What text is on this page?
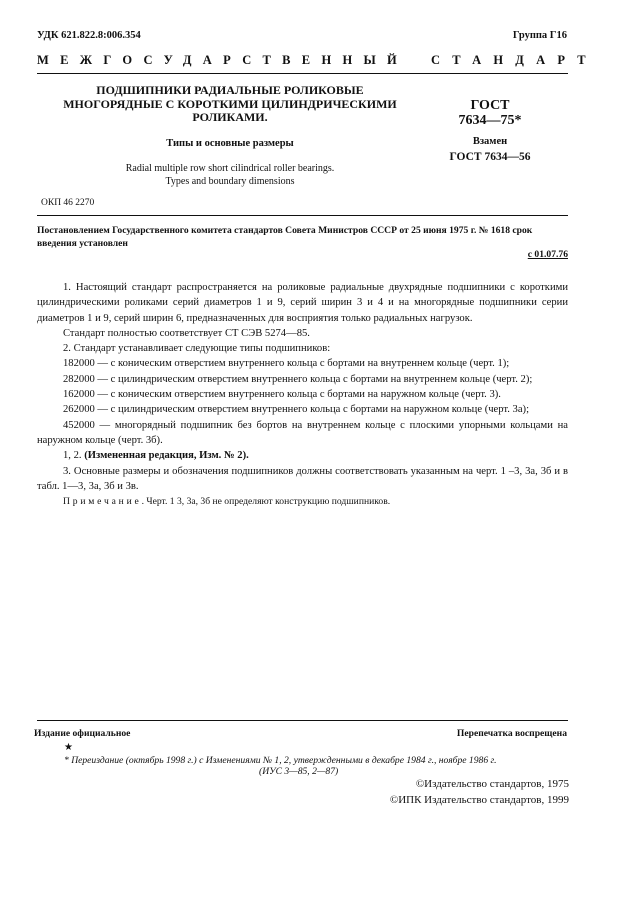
УДК 621.822.8:006.354	Группа Г16
МЕЖГОСУДАРСТВЕННЫЙ СТАНДАРТ
ПОДШИПНИКИ РАДИАЛЬНЫЕ РОЛИКОВЫЕ
МНОГОРЯДНЫЕ С КОРОТКИМИ ЦИЛИНДРИЧЕСКИМИ
РОЛИКАМИ.
Типы и основные размеры
Radial multiple row short cilindrical roller bearings.
Types and boundary dimensions
ГОСТ
7634—75*
Взамен
ГОСТ 7634—56
ОКП 46 2270
Постановлением Государственного комитета стандартов Совета Министров СССР от 25 июня 1975 г. № 1618 срок введения установлен
с 01.07.76

1. Настоящий стандарт распространяется на роликовые радиальные двухрядные подшипники с короткими цилиндрическими роликами серий диаметров 1 и 9, серий ширин 3 и 4 и на многорядные подшипники серии диаметров 1 и 9, серий ширин 6, предназначенных для восприятия только радиальных нагрузок.

Стандарт полностью соответствует СТ СЭВ 5274—85.

2. Стандарт устанавливает следующие типы подшипников:

182000 — с коническим отверстием внутреннего кольца с бортами на внутреннем кольце (черт. 1);

282000 — с цилиндрическим отверстием внутреннего кольца с бортами на внутреннем кольце (черт. 2);

162000 — с коническим отверстием внутреннего кольца с бортами на наружном кольце (черт. 3).

262000 — с цилиндрическим отверстием внутреннего кольца с бортами на наружном кольце (черт. 3а);

452000 — многорядный подшипник без бортов на внутреннем кольце с плоскими упорными кольцами на наружном кольце (черт. 3б).

1, 2. (Измененная редакция, Изм. № 2).

3. Основные размеры и обозначения подшипников должны соответствовать указанным на черт. 1 –3, 3а, 3б и в табл. 1—3, 3а, 3б и 3в.

Примечание. Черт. 1 3, 3а, 3б не определяют конструкцию подшипников.

Издание официальное	Перепечатка воспрещена
★
* Переиздание (октябрь 1998 г.) с Изменениями № 1, 2, утвержденными в декабре 1984 г., ноябре 1986 г.
(ИУС 3—85, 2—87)
©Издательство стандартов, 1975
©ИПК Издательство стандартов, 1999
